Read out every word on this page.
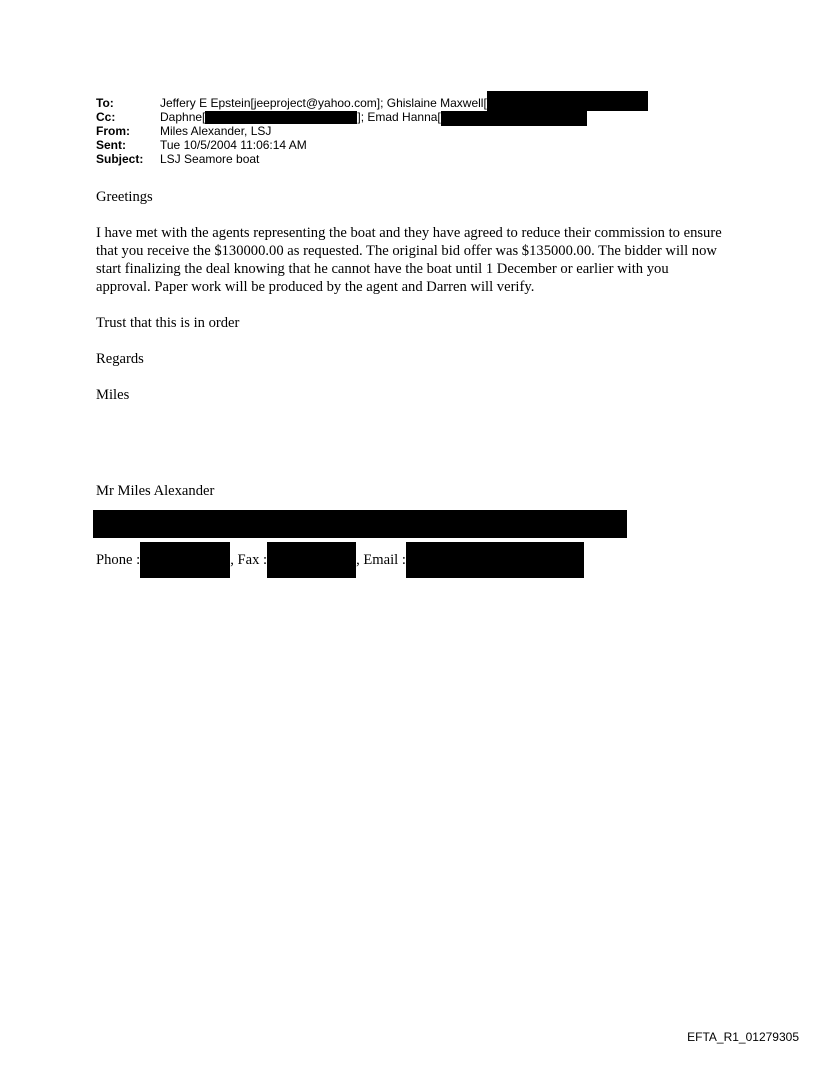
To:	Jeffery E Epstein[jeeproject@yahoo.com]; Ghislaine Maxwell[
Cc:	Daphne[	]; Emad Hanna[
From:	Miles Alexander, LSJ
Sent:	Tue 10/5/2004 11:06:14 AM
Subject:	LSJ Seamore boat

Greetings

I have met with the agents representing the boat and they have agreed to reduce their commission to ensure that you receive the $130000.00 as requested. The original bid offer was $135000.00. The bidder will now start finalizing the deal knowing that he cannot have the boat until 1 December or earlier with you approval. Paper work will be produced by the agent and Darren will verify.

Trust that this is in order

Regards

Miles

Mr Miles Alexander
Phone :	, Fax :	, Email :
EFTA_R1_01279305
